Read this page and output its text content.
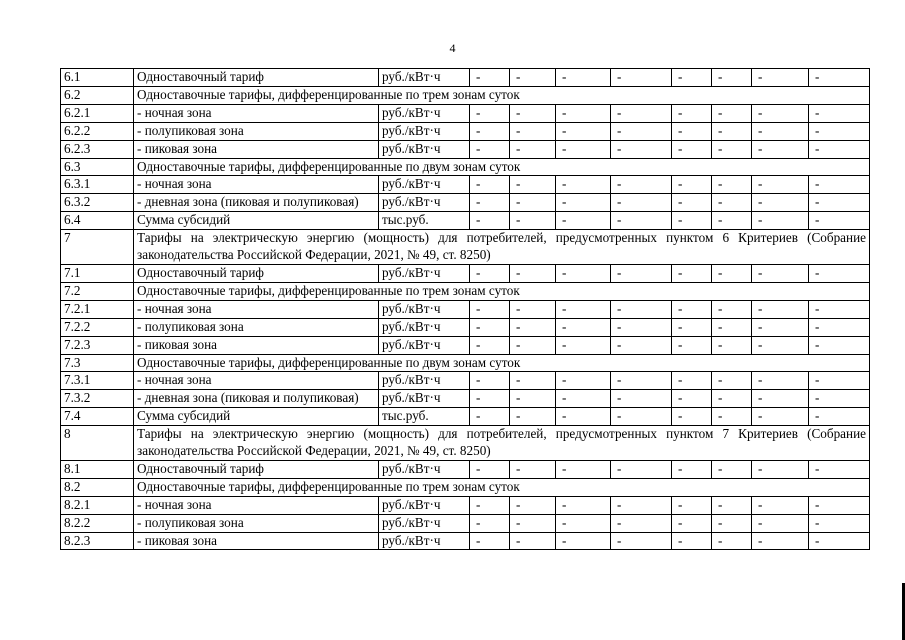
4
6.1	Одноставочный тариф	руб./кВт·ч	-	-	-	-	-	-	-	-
6.2	Одноставочные тарифы, дифференцированные по трем зонам суток									
6.2.1	- ночная зона	руб./кВт·ч	-	-	-	-	-	-	-	-
6.2.2	- полупиковая зона	руб./кВт·ч	-	-	-	-	-	-	-	-
6.2.3	- пиковая зона	руб./кВт·ч	-	-	-	-	-	-	-	-
6.3	Одноставочные тарифы, дифференцированные по двум зонам суток									
6.3.1	- ночная зона	руб./кВт·ч	-	-	-	-	-	-	-	-
6.3.2	- дневная зона (пиковая и полупиковая)	руб./кВт·ч	-	-	-	-	-	-	-	-
6.4	Сумма субсидий	тыс.руб.	-	-	-	-	-	-	-	-
7	Тарифы на электрическую энергию (мощность) для потребителей, предусмотренных пунктом 6 Критериев (Собрание законодательства Российской Федерации, 2021, № 49, ст. 8250)									
7.1	Одноставочный тариф	руб./кВт·ч	-	-	-	-	-	-	-	-
7.2	Одноставочные тарифы, дифференцированные по трем зонам суток									
7.2.1	- ночная зона	руб./кВт·ч	-	-	-	-	-	-	-	-
7.2.2	- полупиковая зона	руб./кВт·ч	-	-	-	-	-	-	-	-
7.2.3	- пиковая зона	руб./кВт·ч	-	-	-	-	-	-	-	-
7.3	Одноставочные тарифы, дифференцированные по двум зонам суток									
7.3.1	- ночная зона	руб./кВт·ч	-	-	-	-	-	-	-	-
7.3.2	- дневная зона (пиковая и полупиковая)	руб./кВт·ч	-	-	-	-	-	-	-	-
7.4	Сумма субсидий	тыс.руб.	-	-	-	-	-	-	-	-
8	Тарифы на электрическую энергию (мощность) для потребителей, предусмотренных пунктом 7 Критериев (Собрание законодательства Российской Федерации, 2021, № 49, ст. 8250)									
8.1	Одноставочный тариф	руб./кВт·ч	-	-	-	-	-	-	-	-
8.2	Одноставочные тарифы, дифференцированные по трем зонам суток									
8.2.1	- ночная зона	руб./кВт·ч	-	-	-	-	-	-	-	-
8.2.2	- полупиковая зона	руб./кВт·ч	-	-	-	-	-	-	-	-
8.2.3	- пиковая зона	руб./кВт·ч	-	-	-	-	-	-	-	-
